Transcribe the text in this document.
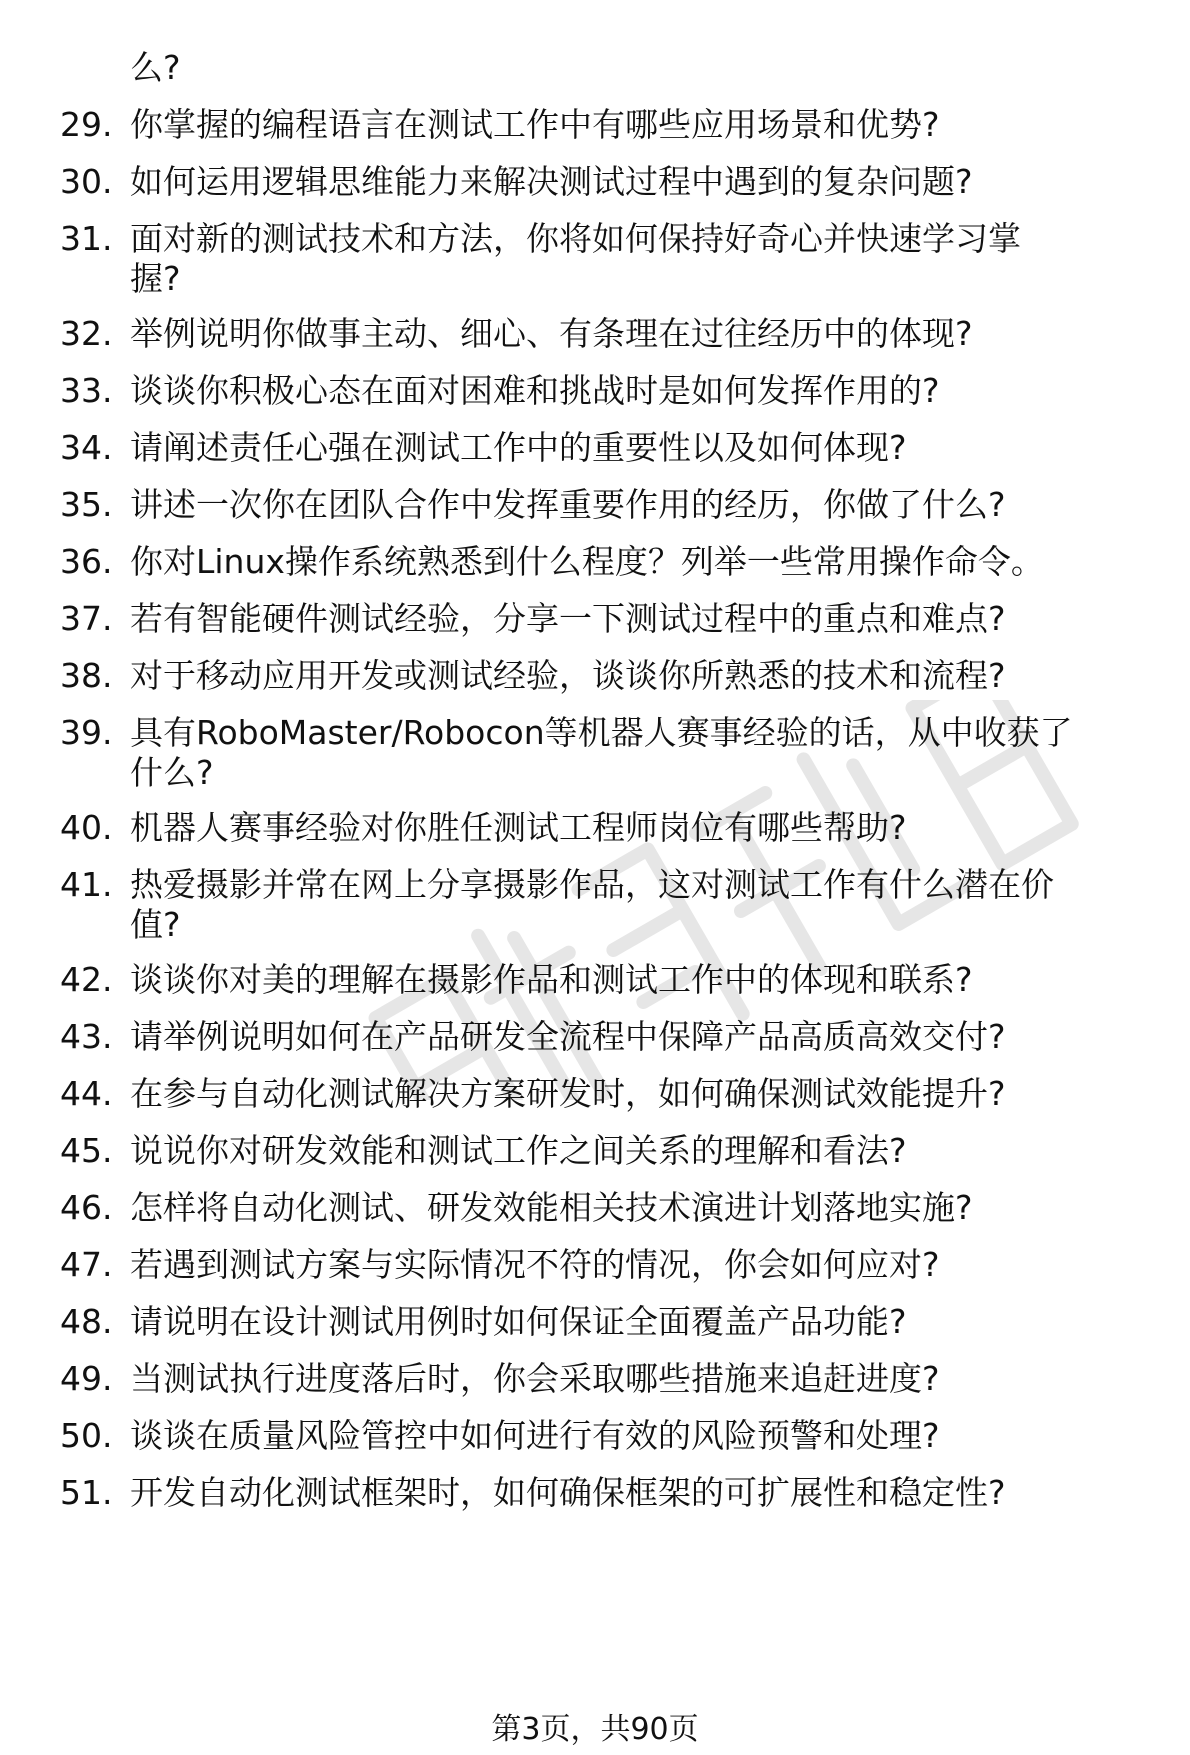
么?
29. 你掌握的编程语言在测试工作中有哪些应用场景和优势?
30. 如何运用逻辑思维能力来解决测试过程中遇到的复杂问题?
31. 面对新的测试技术和方法，你将如何保持好奇心并快速学习掌
握?
32. 举例说明你做事主动、细心、有条理在过往经历中的体现?
33. 谈谈你积极心态在面对困难和挑战时是如何发挥作用的?
34. 请阐述责任心强在测试工作中的重要性以及如何体现?
35. 讲述一次你在团队合作中发挥重要作用的经历，你做了什么?
36. 你对Linux操作系统熟悉到什么程度？列举一些常用操作命令。
37. 若有智能硬件测试经验，分享一下测试过程中的重点和难点?
38. 对于移动应用开发或测试经验，谈谈你所熟悉的技术和流程?
39. 具有RoboMaster/Robocon等机器人赛事经验的话，从中收获了
什么?
40. 机器人赛事经验对你胜任测试工程师岗位有哪些帮助?
41. 热爱摄影并常在网上分享摄影作品，这对测试工作有什么潜在价
值?
42. 谈谈你对美的理解在摄影作品和测试工作中的体现和联系?
43. 请举例说明如何在产品研发全流程中保障产品高质高效交付?
44. 在参与自动化测试解决方案研发时，如何确保测试效能提升?
45. 说说你对研发效能和测试工作之间关系的理解和看法?
46. 怎样将自动化测试、研发效能相关技术演进计划落地实施?
47. 若遇到测试方案与实际情况不符的情况，你会如何应对?
48. 请说明在设计测试用例时如何保证全面覆盖产品功能?
49. 当测试执行进度落后时，你会采取哪些措施来追赶进度?
50. 谈谈在质量风险管控中如何进行有效的风险预警和处理?
51. 开发自动化测试框架时，如何确保框架的可扩展性和稳定性?
第3页，共90页
